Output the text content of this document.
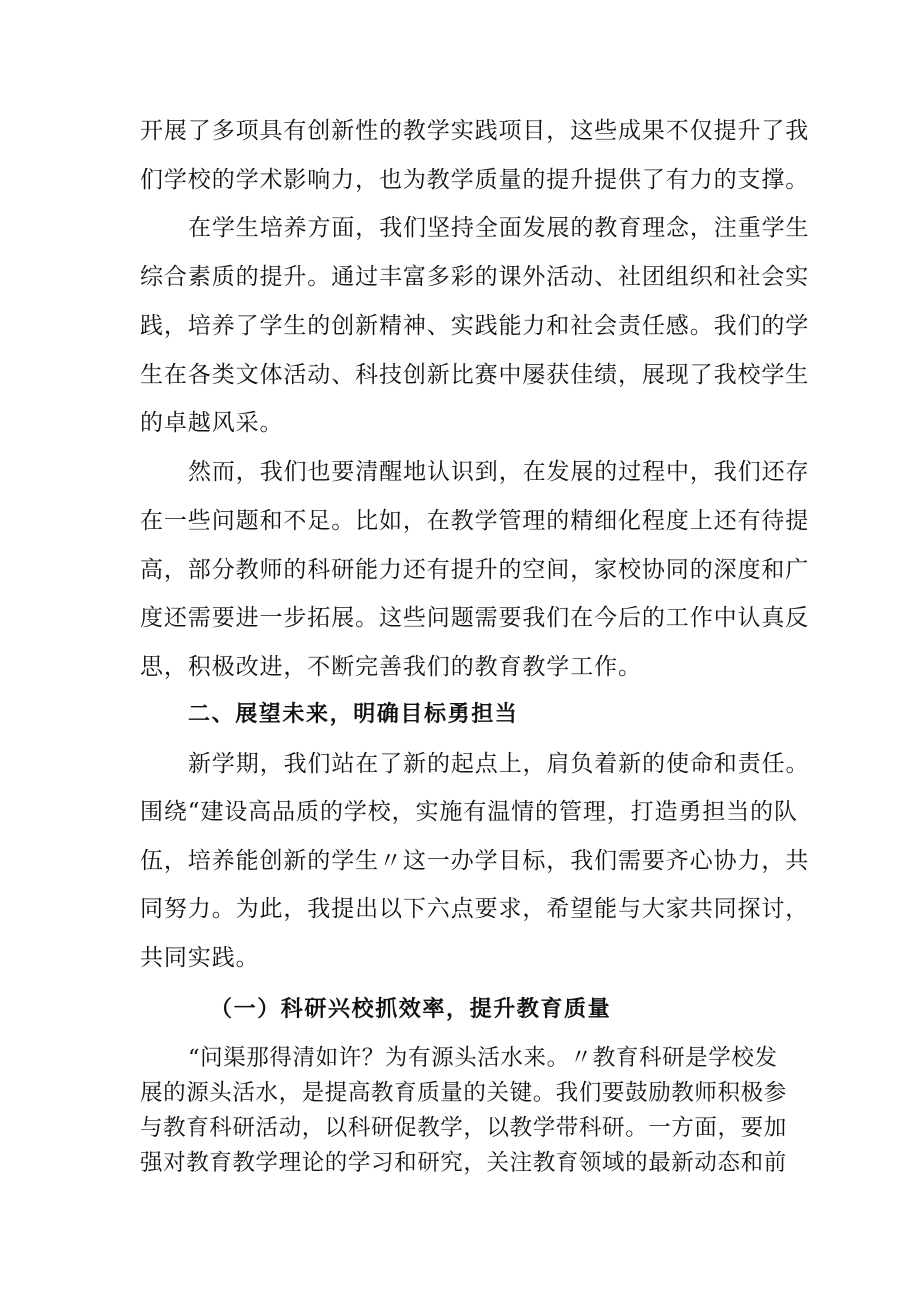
开展了多项具有创新性的教学实践项目，这些成果不仅提升了我
们学校的学术影响力，也为教学质量的提升提供了有力的支撑。
在学生培养方面，我们坚持全面发展的教育理念，注重学生
综合素质的提升。通过丰富多彩的课外活动、社团组织和社会实
践，培养了学生的创新精神、实践能力和社会责任感。我们的学
生在各类文体活动、科技创新比赛中屡获佳绩，展现了我校学生
的卓越风采。
然而，我们也要清醒地认识到，在发展的过程中，我们还存
在一些问题和不足。比如，在教学管理的精细化程度上还有待提
高，部分教师的科研能力还有提升的空间，家校协同的深度和广
度还需要进一步拓展。这些问题需要我们在今后的工作中认真反
思，积极改进，不断完善我们的教育教学工作。
二、展望未来，明确目标勇担当
新学期，我们站在了新的起点上，肩负着新的使命和责任。
围绕“建设高品质的学校，实施有温情的管理，打造勇担当的队
伍，培养能创新的学生〃这一办学目标，我们需要齐心协力，共
同努力。为此，我提出以下六点要求，希望能与大家共同探讨，
共同实践。
（一）科研兴校抓效率，提升教育质量
“问渠那得清如许？为有源头活水来。〃教育科研是学校发
展的源头活水，是提高教育质量的关键。我们要鼓励教师积极参
与教育科研活动，以科研促教学，以教学带科研。一方面，要加
强对教育教学理论的学习和研究，关注教育领域的最新动态和前
